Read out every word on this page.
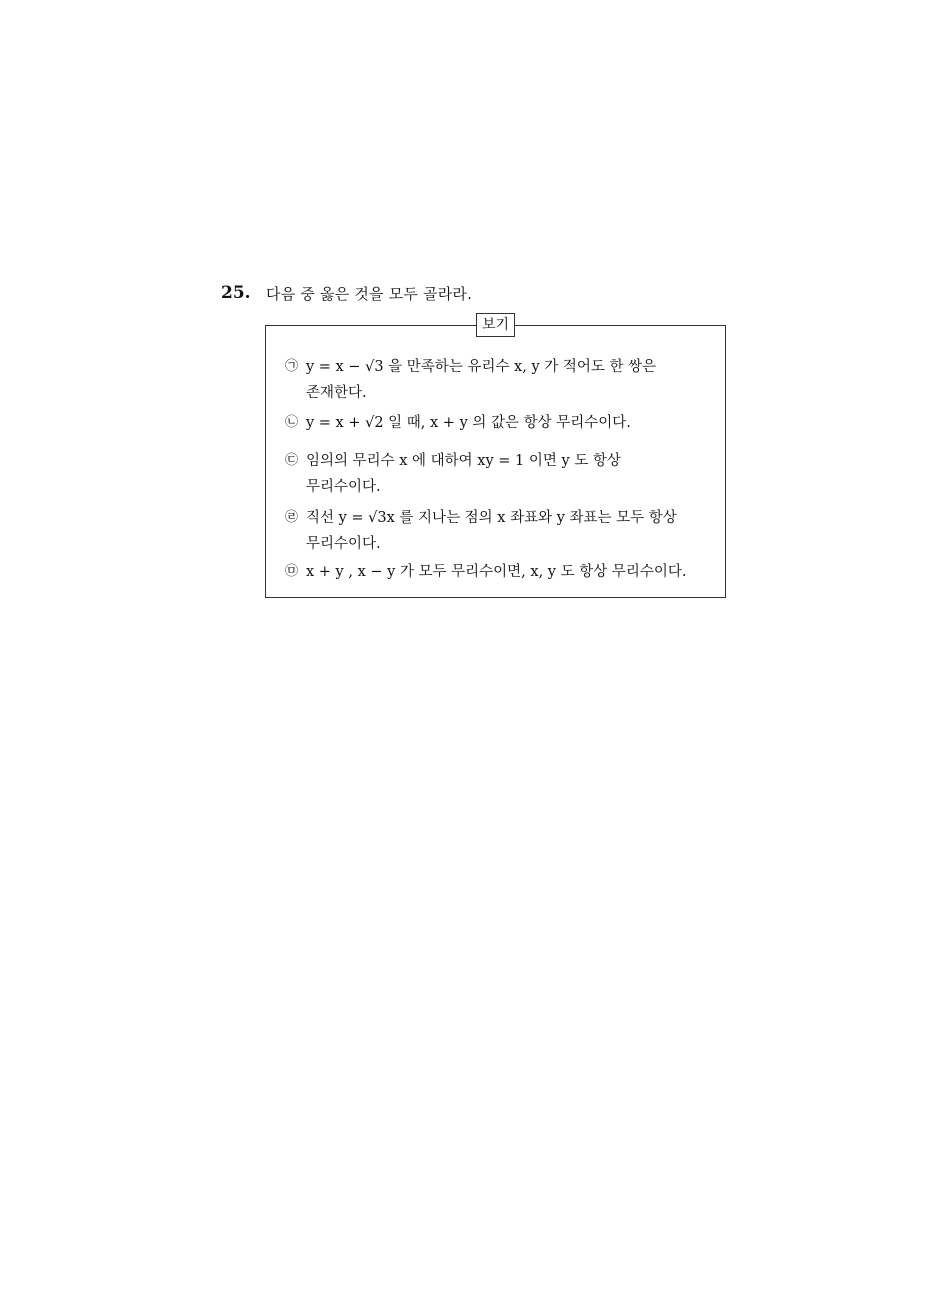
25. 다음 중 옳은 것을 모두 골라라.
보기
㉠ y = x − √3 을 만족하는 유리수 x, y 가 적어도 한 쌍은
존재한다.
㉡ y = x + √2 일 때, x + y 의 값은 항상 무리수이다.
㉢ 임의의 무리수 x 에 대하여 xy = 1 이면 y 도 항상
무리수이다.
㉣ 직선 y = √3x 를 지나는 점의 x 좌표와 y 좌표는 모두 항상
무리수이다.
㉤ x + y , x − y 가 모두 무리수이면, x, y 도 항상 무리수이다.
